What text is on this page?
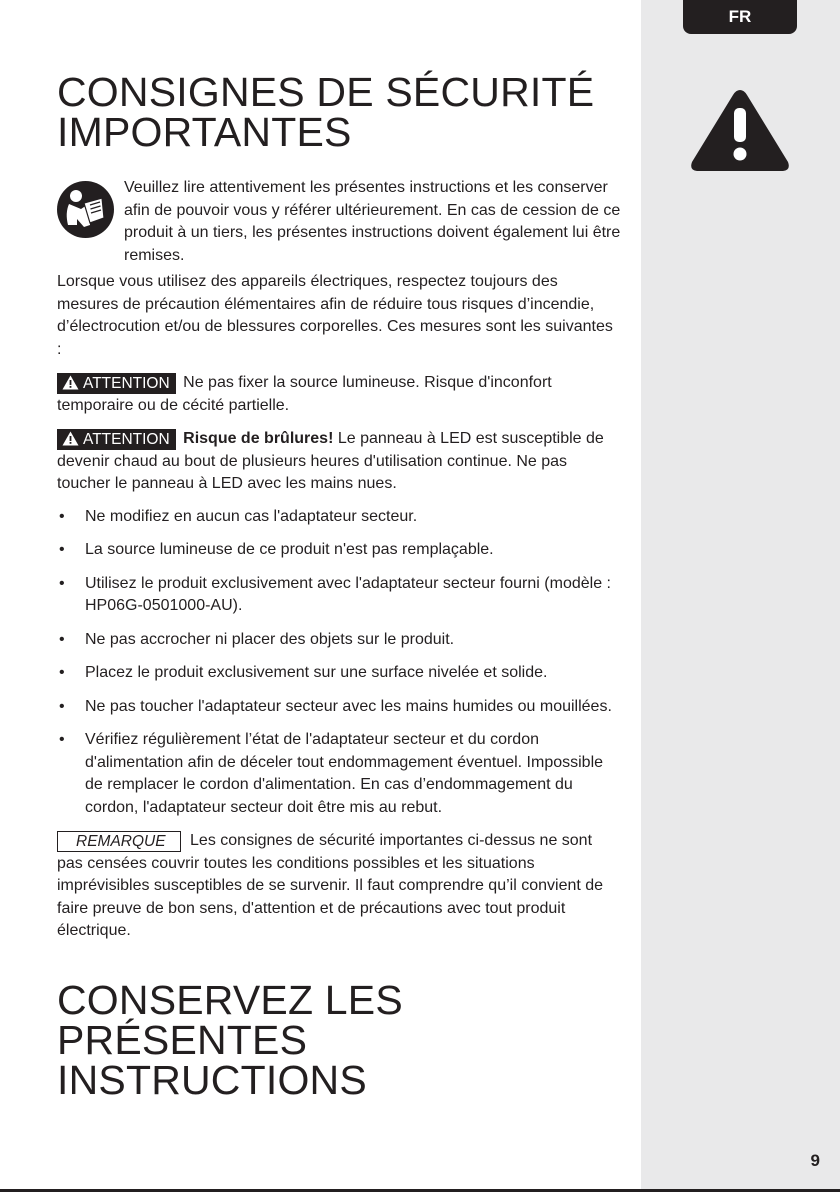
FR
9
CONSIGNES DE SÉCURITÉ
IMPORTANTES
Veuillez lire attentivement les présentes instructions et les conserver afin de pouvoir vous y référer ultérieurement. En cas de cession de ce produit à un tiers, les présentes instructions doivent également lui être remises.

Lorsque vous utilisez des appareils électriques, respectez toujours des mesures de précaution élémentaires afin de réduire tous risques d’incendie, d’électrocution et/ou de blessures corporelles. Ces mesures sont les suivantes :

ATTENTION Ne pas fixer la source lumineuse. Risque d'inconfort temporaire ou de cécité partielle.

ATTENTION Risque de brûlures! Le panneau à LED est susceptible de devenir chaud au bout de plusieurs heures d'utilisation continue. Ne pas toucher le panneau à LED avec les mains nues.

• Ne modifiez en aucun cas l'adaptateur secteur.
• La source lumineuse de ce produit n'est pas remplaçable.
• Utilisez le produit exclusivement avec l'adaptateur secteur fourni (modèle : HP06G-0501000-AU).
• Ne pas accrocher ni placer des objets sur le produit.
• Placez le produit exclusivement sur une surface nivelée et solide.
• Ne pas toucher l'adaptateur secteur avec les mains humides ou mouillées.
• Vérifiez régulièrement l’état de l'adaptateur secteur et du cordon d'alimentation afin de déceler tout endommagement éventuel. Impossible de remplacer le cordon d'alimentation. En cas d’endommagement du cordon, l'adaptateur secteur doit être mis au rebut.

REMARQUE Les consignes de sécurité importantes ci-dessus ne sont pas censées couvrir toutes les conditions possibles et les situations imprévisibles susceptibles de se survenir. Il faut comprendre qu’il convient de faire preuve de bon sens, d'attention et de précautions avec tout produit électrique.

CONSERVEZ LES
PRÉSENTES INSTRUCTIONS
